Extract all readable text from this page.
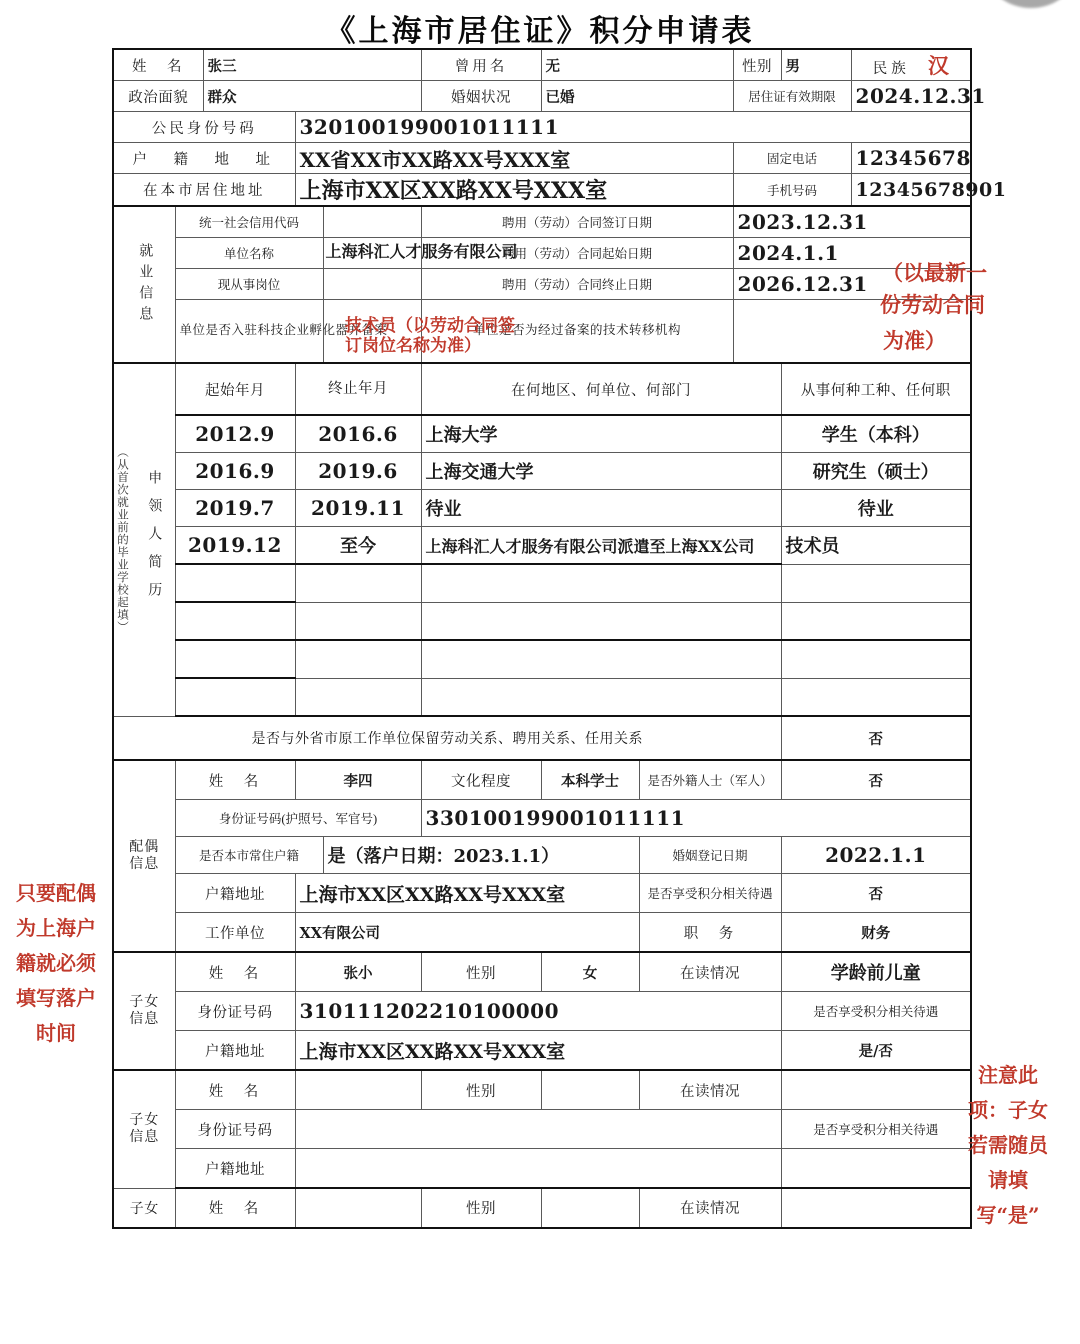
《上海市居住证》积分申请表
姓　名		张三			曾用名	无		性别	男	民族 汉
政治面貌		群众			婚姻状况	已婚		居住证有效期限		2024.12.31
公民身份号码			320100199001011111							
户　籍　地　址			XX省XX市XX路XX号XXX室					固定电话		12345678
在本市居住地址			上海市XX区XX路XX号XXX室					手机号码		12345678901

就业信息	统一社会信用代码				聘用（劳动）合同签订日期			2023.12.31		
	单位名称			上海科汇人才服务有限公司	聘用（劳动）合同起始日期			2024.1.1		
	现从事岗位				聘用（劳动）合同终止日期			2026.12.31		
	单位是否入驻科技企业孵化器并备案				单位是否为经过备案的技术转移机构					

申领人简历
（从首次就业前的毕业学校起填）	起始年月		终止年月		在何地区、何单位、何部门				从事何种工种、任何职	
	2012.9		2016.6		上海大学				学生（本科）	
	2016.9		2019.6		上海交通大学				研究生（硕士）	
	2019.7		2019.11		待业				待业	
	2019.12		至今		上海科汇人才服务有限公司派遣至上海XX公司				技术员	

是否与外省市原工作单位保留劳动关系、聘用关系、任用关系									否	

配偶
信息	姓　名		李四		文化程度	本科学士	是否外籍人士（军人）		否	
	身份证号码(护照号、军官号)				330100199001011111					
	是否本市常住户籍			是（落户日期：2023.1.1）			婚姻登记日期		2022.1.1	
	户籍地址		上海市XX区XX路XX号XXX室				是否享受积分相关待遇		否	
	工作单位		XX有限公司				职　务		财务	

子女
信息	姓　名		张小		性别	女	在读情况		学龄前儿童	
	身份证号码		310111202210100000						是否享受积分相关待遇	
	户籍地址		上海市XX区XX路XX号XXX室						是/否	

子女
信息	姓　名				性别		在读情况			
	身份证号码								是否享受积分相关待遇	
	户籍地址									
子女	姓　名				性别		在读情况			
技术员（以劳动合同签订岗位名称为准）
（以最新一
份劳动合同
为准）
只要配偶为上海户籍就必须填写落户时间
注意此项：子女若需随员请填写“是”
